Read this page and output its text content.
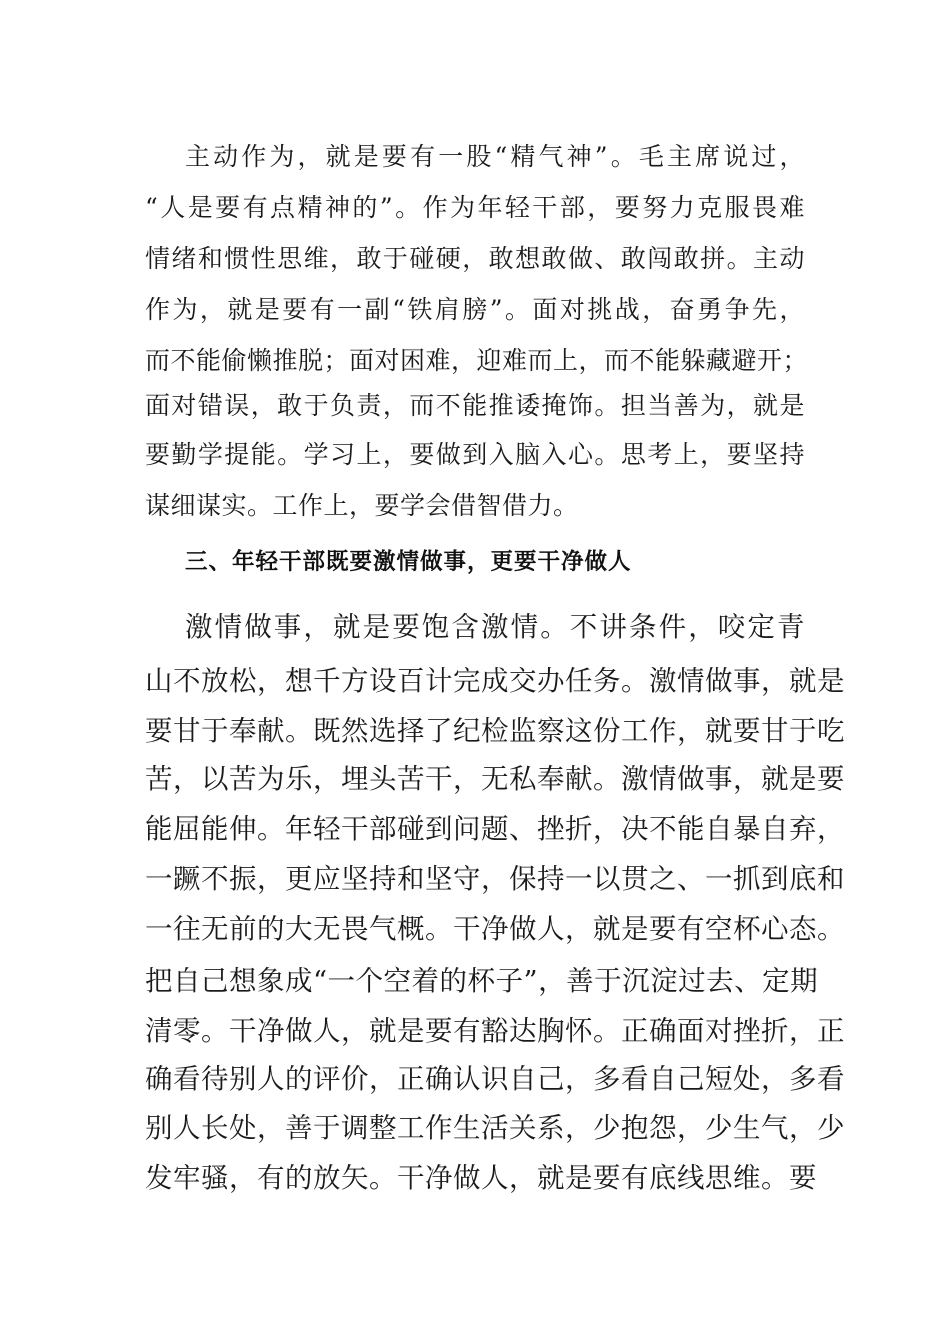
主动作为，就是要有一股“精气神”。毛主席说过，
“人是要有点精神的”。作为年轻干部，要努力克服畏难
情绪和惯性思维，敢于碰硬，敢想敢做、敢闯敢拼。主动
作为，就是要有一副“铁肩膀”。面对挑战，奋勇争先，
而不能偷懒推脱；面对困难，迎难而上，而不能躲藏避开；
面对错误，敢于负责，而不能推诿掩饰。担当善为，就是
要勤学提能。学习上，要做到入脑入心。思考上，要坚持
谋细谋实。工作上，要学会借智借力。
三、年轻干部既要激情做事，更要干净做人
激情做事，就是要饱含激情。不讲条件，咬定青
山不放松，想千方设百计完成交办任务。激情做事，就是
要甘于奉献。既然选择了纪检监察这份工作，就要甘于吃
苦，以苦为乐，埋头苦干，无私奉献。激情做事，就是要
能屈能伸。年轻干部碰到问题、挫折，决不能自暴自弃，
一蹶不振，更应坚持和坚守，保持一以贯之、一抓到底和
一往无前的大无畏气概。干净做人，就是要有空杯心态。
把自己想象成“一个空着的杯子”，善于沉淀过去、定期
清零。干净做人，就是要有豁达胸怀。正确面对挫折，正
确看待别人的评价，正确认识自己，多看自己短处，多看
别人长处，善于调整工作生活关系，少抱怨，少生气，少
发牢骚，有的放矢。干净做人，就是要有底线思维。要
